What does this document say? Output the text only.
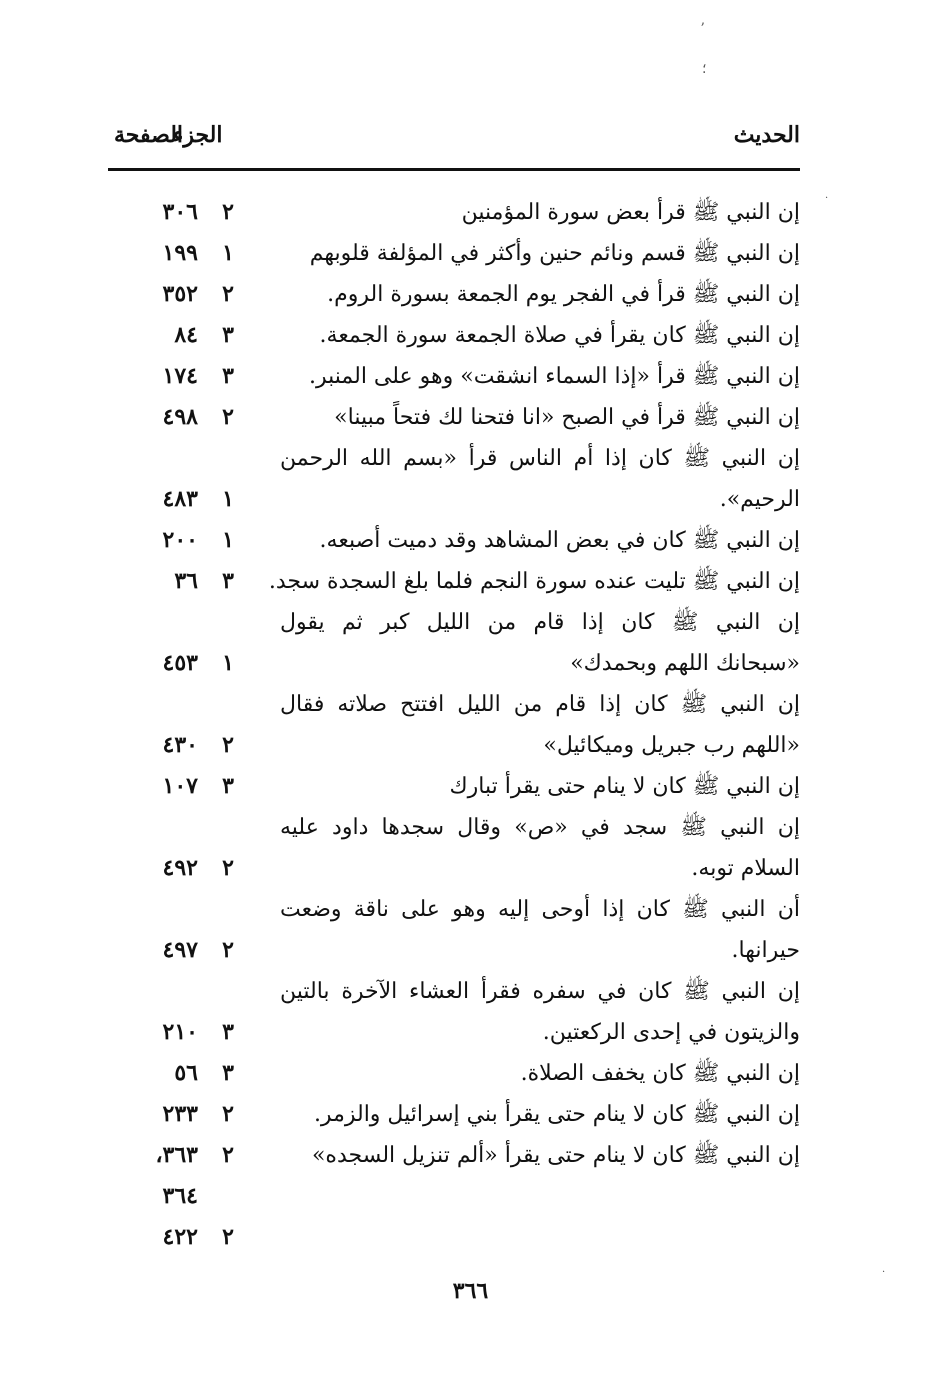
ʼ
؛
·
·
الحديث
الجزء
الصفحة
إن النبي ﷺ قرأ بعض سورة المؤمنين
٢
٣٠٦
إن النبي ﷺ قسم ونائم حنين وأكثر في المؤلفة قلوبهم
١
١٩٩
إن النبي ﷺ قرأ في الفجر يوم الجمعة بسورة الروم.
٢
٣٥٢
إن النبي ﷺ كان يقرأ في صلاة الجمعة سورة الجمعة.
٣
٨٤
إن النبي ﷺ قرأ «إذا السماء انشقت» وهو على المنبر.
٣
١٧٤
إن النبي ﷺ قرأ في الصبح «انا فتحنا لك فتحاً مبينا»
٢
٤٩٨
إن النبي ﷺ كان إذا أم الناس قرأ «بسم الله الرحمن
الرحيم».
١
٤٨٣
إن النبي ﷺ كان في بعض المشاهد وقد دميت أصبعه.
١
٢٠٠
إن النبي ﷺ تليت عنده سورة النجم فلما بلغ السجدة سجد.
٣
٣٦
إن النبي ﷺ كان إذا قام من الليل كبر ثم يقول
«سبحانك اللهم وبحمدك»
١
٤٥٣
إن النبي ﷺ كان إذا قام من الليل افتتح صلاته فقال
«اللهم رب جبريل وميكائيل»
٢
٤٣٠
إن النبي ﷺ كان لا ينام حتى يقرأ تبارك
٣
١٠٧
إن النبي ﷺ سجد في «ص» وقال سجدها داود عليه
السلام توبه.
٢
٤٩٢
أن النبي ﷺ كان إذا أوحى إليه وهو على ناقة وضعت
حيرانها.
٢
٤٩٧
إن النبي ﷺ كان في سفره فقرأ العشاء الآخرة بالتين
والزيتون في إحدى الركعتين.
٣
٢١٠
إن النبي ﷺ كان يخفف الصلاة.
٣
٥٦
إن النبي ﷺ كان لا ينام حتى يقرأ بني إسرائيل والزمر.
٢
٢٣٣
إن النبي ﷺ كان لا ينام حتى يقرأ «ألم تنزيل السجده»
٢
٣٦٣،
٣٦٤
٢
٤٢٢
٣٦٦
